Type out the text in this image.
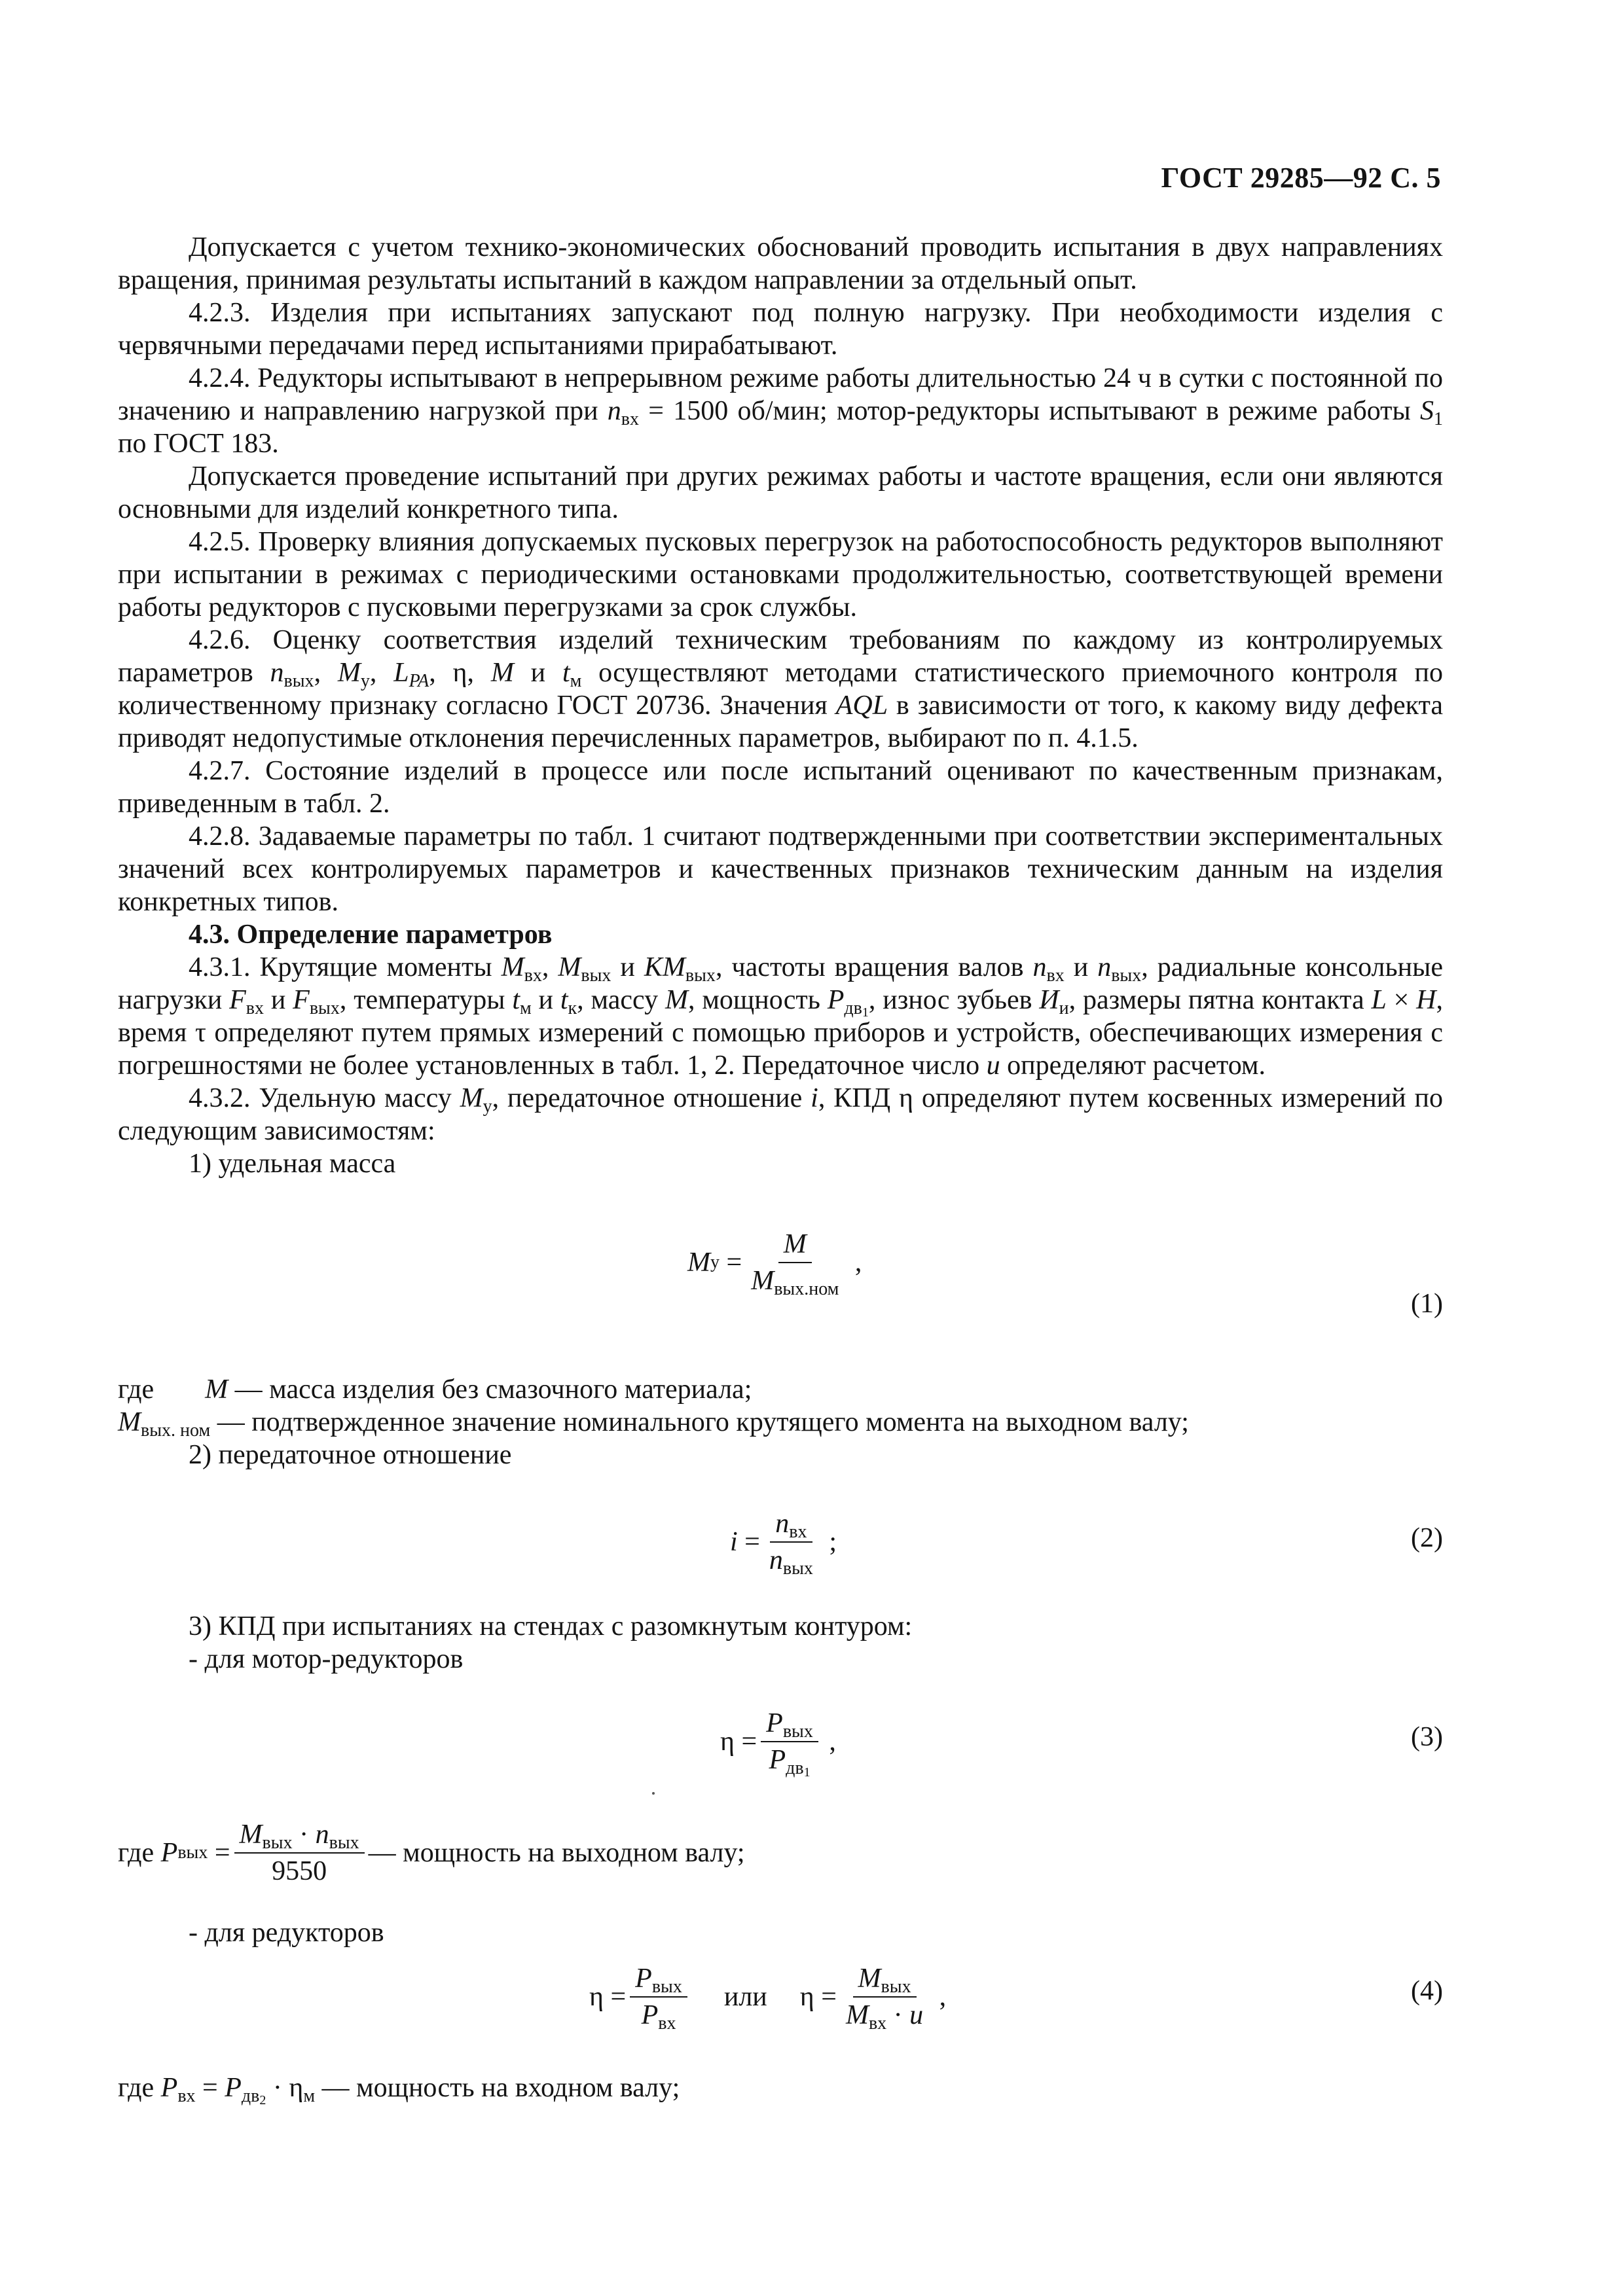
ГОСТ 29285—92 С. 5

Допускается с учетом технико-экономических обоснований проводить испытания в двух направлениях вращения, принимая результаты испытаний в каждом направлении за отдельный опыт.

4.2.3. Изделия при испытаниях запускают под полную нагрузку. При необходимости изделия с червячными передачами перед испытаниями прирабатывают.

4.2.4. Редукторы испытывают в непрерывном режиме работы длительностью 24 ч в сутки с постоянной по значению и направлению нагрузкой при $n_{вх} = 1500$ об/мин; мотор-редукторы испытывают в режиме работы $S_1$ по ГОСТ 183.

Допускается проведение испытаний при других режимах работы и частоте вращения, если они являются основными для изделий конкретного типа.

4.2.5. Проверку влияния допускаемых пусковых перегрузок на работоспособность редукторов выполняют при испытании в режимах с периодическими остановками продолжительностью, соответствующей времени работы редукторов с пусковыми перегрузками за срок службы.

4.2.6. Оценку соответствия изделий техническим требованиям по каждому из контролируемых параметров $n_{вых}$, $M_у$, $L_{PA}$, η, M и $t_м$ осуществляют методами статистического приемочного контроля по количественному признаку согласно ГОСТ 20736. Значения AQL в зависимости от того, к какому виду дефекта приводят недопустимые отклонения перечисленных параметров, выбирают по п. 4.1.5.

4.2.7. Состояние изделий в процессе или после испытаний оценивают по качественным признакам, приведенным в табл. 2.

4.2.8. Задаваемые параметры по табл. 1 считают подтвержденными при соответствии экспериментальных значений всех контролируемых параметров и качественных признаков техническим данным на изделия конкретных типов.

4.3. Определение параметров

4.3.1. Крутящие моменты $M_{вх}$, $M_{вых}$ и $KM_{вых}$, частоты вращения валов $n_{вх}$ и $n_{вых}$, радиальные консольные нагрузки $F_{вх}$ и $F_{вых}$, температуры $t_м$ и $t_к$, массу M, мощность $P_{дв_1}$, износ зубьев $И_и$, размеры пятна контакта L × H, время τ определяют путем прямых измерений с помощью приборов и устройств, обеспечивающих измерения с погрешностями не более установленных в табл. 1, 2. Передаточное число u определяют расчетом.

4.3.2. Удельную массу $M_у$, передаточное отношение i, КПД η определяют путем косвенных измерений по следующим зависимостям:

1) удельная масса

M $у = \frac{M}{M_{вых.ном}}$ ,
(1)
где M — масса изделия без смазочного материала;
$M_{вых. ном}$ — подтвержденное значение номинального крутящего момента на выходном валу;
2) передаточное отношение
$i = \frac{n_{вх}}{n_{вых}}$ ;	(2)
3) КПД при испытаниях на стендах с разомкнутым контуром:
- для мотор-редукторов
$\eta = \frac{P_{вых}}{P_{дв_1}}$ ,	(3)
где
P вых = $\frac{M_{вых} \cdot n_{вых}}{9550}$ — мощность на выходном валу;
- для редукторов
$\eta = \frac{P_{вых}}{P_{вх}}$ или $\eta = \frac{M_{вых}}{M_{вх} \cdot u}$ ,	(4)
где $P_{вх} = P_{дв_2} \cdot \eta_м$ — мощность на входном валу;
